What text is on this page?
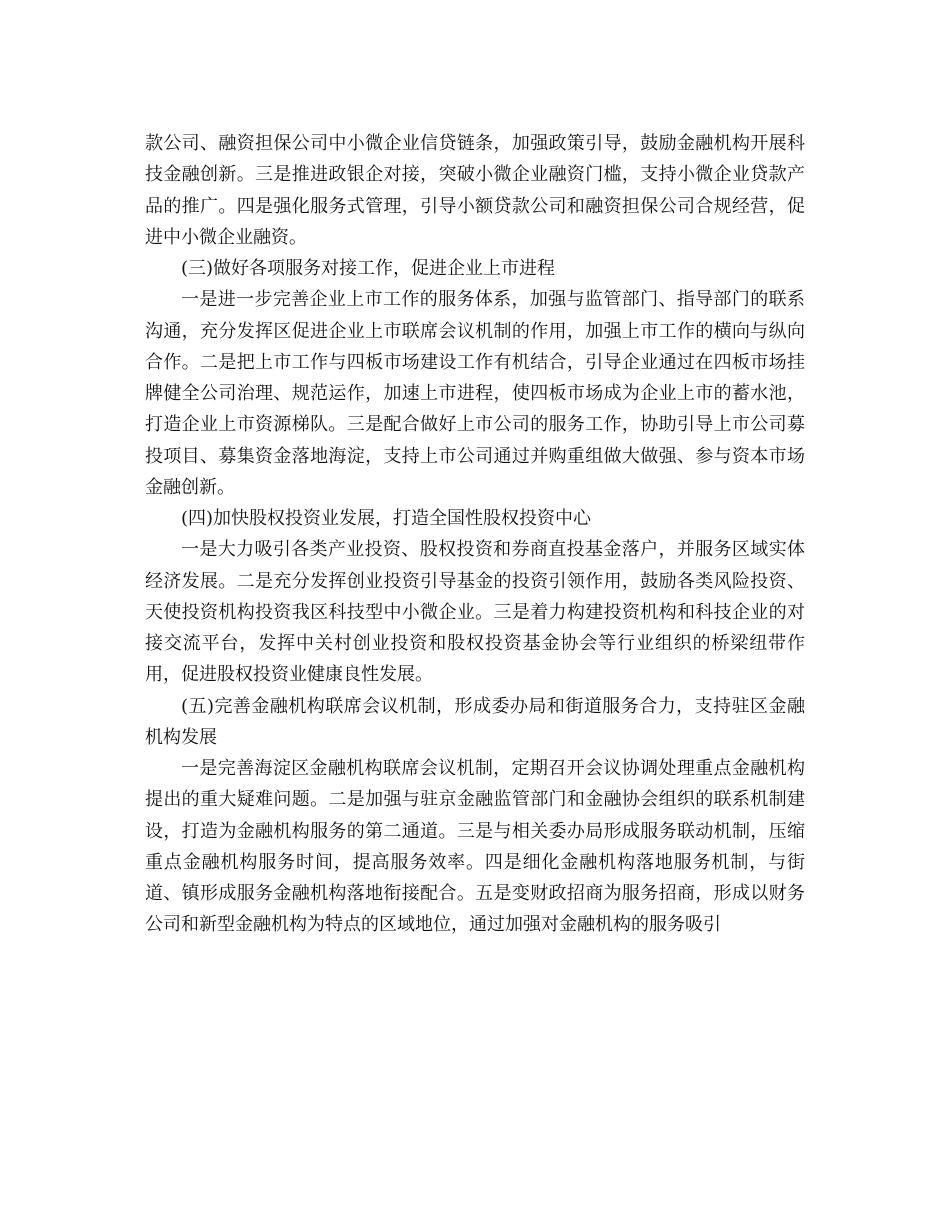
款公司、融资担保公司中小微企业信贷链条，加强政策引导，鼓励金融机构开展科技金融创新。三是推进政银企对接，突破小微企业融资门槛，支持小微企业贷款产品的推广。四是强化服务式管理，引导小额贷款公司和融资担保公司合规经营，促进中小微企业融资。

(三)做好各项服务对接工作，促进企业上市进程

一是进一步完善企业上市工作的服务体系，加强与监管部门、指导部门的联系沟通，充分发挥区促进企业上市联席会议机制的作用，加强上市工作的横向与纵向合作。二是把上市工作与四板市场建设工作有机结合，引导企业通过在四板市场挂牌健全公司治理、规范运作，加速上市进程，使四板市场成为企业上市的蓄水池，打造企业上市资源梯队。三是配合做好上市公司的服务工作，协助引导上市公司募投项目、募集资金落地海淀，支持上市公司通过并购重组做大做强、参与资本市场金融创新。

(四)加快股权投资业发展，打造全国性股权投资中心

一是大力吸引各类产业投资、股权投资和券商直投基金落户，并服务区域实体经济发展。二是充分发挥创业投资引导基金的投资引领作用，鼓励各类风险投资、天使投资机构投资我区科技型中小微企业。三是着力构建投资机构和科技企业的对接交流平台，发挥中关村创业投资和股权投资基金协会等行业组织的桥梁纽带作用，促进股权投资业健康良性发展。

(五)完善金融机构联席会议机制，形成委办局和街道服务合力，支持驻区金融机构发展

一是完善海淀区金融机构联席会议机制，定期召开会议协调处理重点金融机构提出的重大疑难问题。二是加强与驻京金融监管部门和金融协会组织的联系机制建设，打造为金融机构服务的第二通道。三是与相关委办局形成服务联动机制，压缩重点金融机构服务时间，提高服务效率。四是细化金融机构落地服务机制，与街道、镇形成服务金融机构落地衔接配合。五是变财政招商为服务招商，形成以财务公司和新型金融机构为特点的区域地位，通过加强对金融机构的服务吸引
